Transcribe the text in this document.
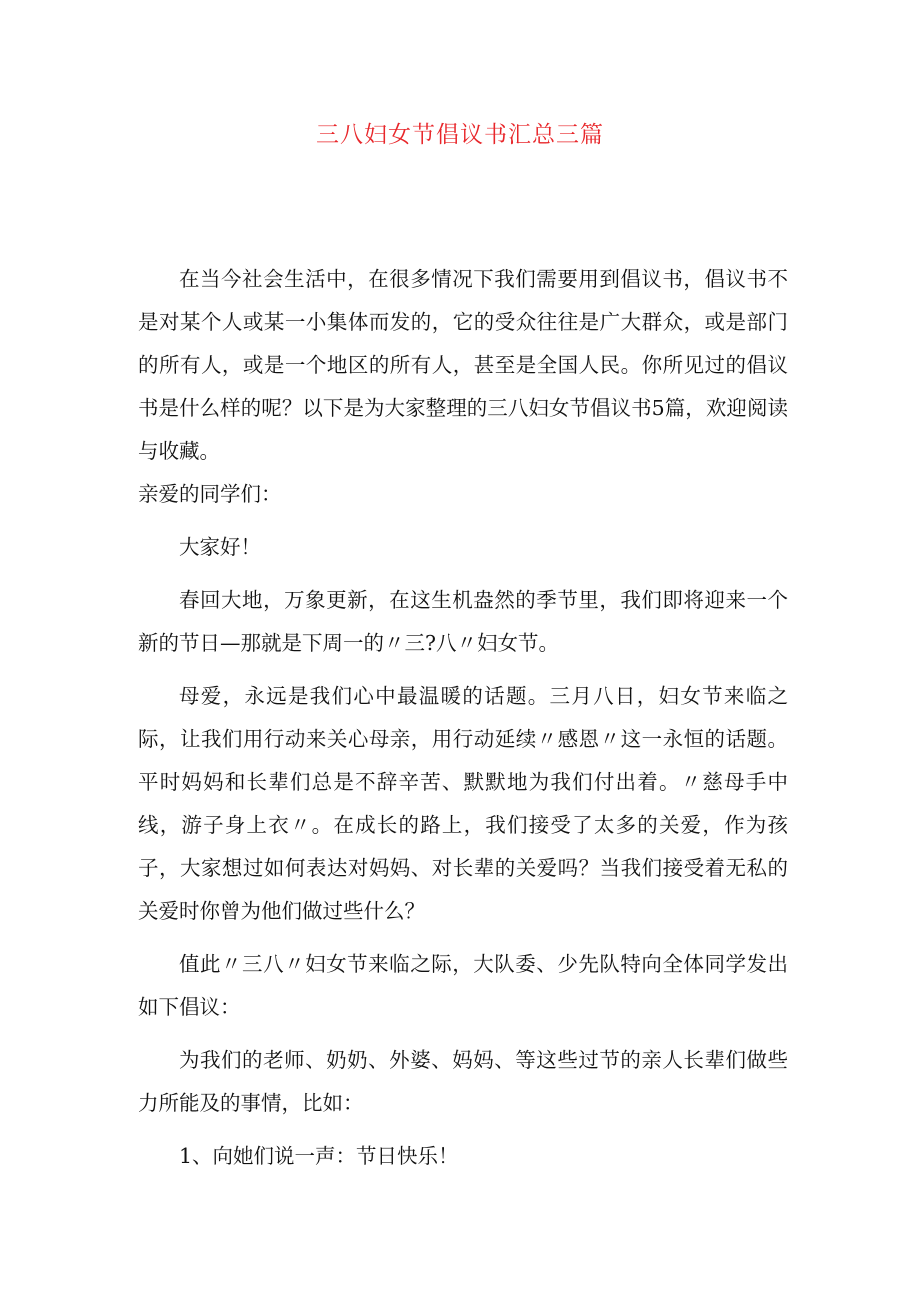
三八妇女节倡议书汇总三篇

在当今社会生活中，在很多情况下我们需要用到倡议书，倡议书不是对某个人或某一小集体而发的，它的受众往往是广大群众，或是部门的所有人，或是一个地区的所有人，甚至是全国人民。你所见过的倡议书是什么样的呢？以下是为大家整理的三八妇女节倡议书5篇，欢迎阅读与收藏。

亲爱的同学们：

大家好！

春回大地，万象更新，在这生机盎然的季节里，我们即将迎来一个新的节日—那就是下周一的〃三?八〃妇女节。

母爱，永远是我们心中最温暖的话题。三月八日，妇女节来临之际，让我们用行动来关心母亲，用行动延续〃感恩〃这一永恒的话题。平时妈妈和长辈们总是不辞辛苦、默默地为我们付出着。〃慈母手中线，游子身上衣〃。在成长的路上，我们接受了太多的关爱，作为孩子，大家想过如何表达对妈妈、对长辈的关爱吗？当我们接受着无私的关爱时你曾为他们做过些什么？

值此〃三八〃妇女节来临之际，大队委、少先队特向全体同学发出如下倡议：

为我们的老师、奶奶、外婆、妈妈、等这些过节的亲人长辈们做些力所能及的事情，比如：

1、向她们说一声：节日快乐！
